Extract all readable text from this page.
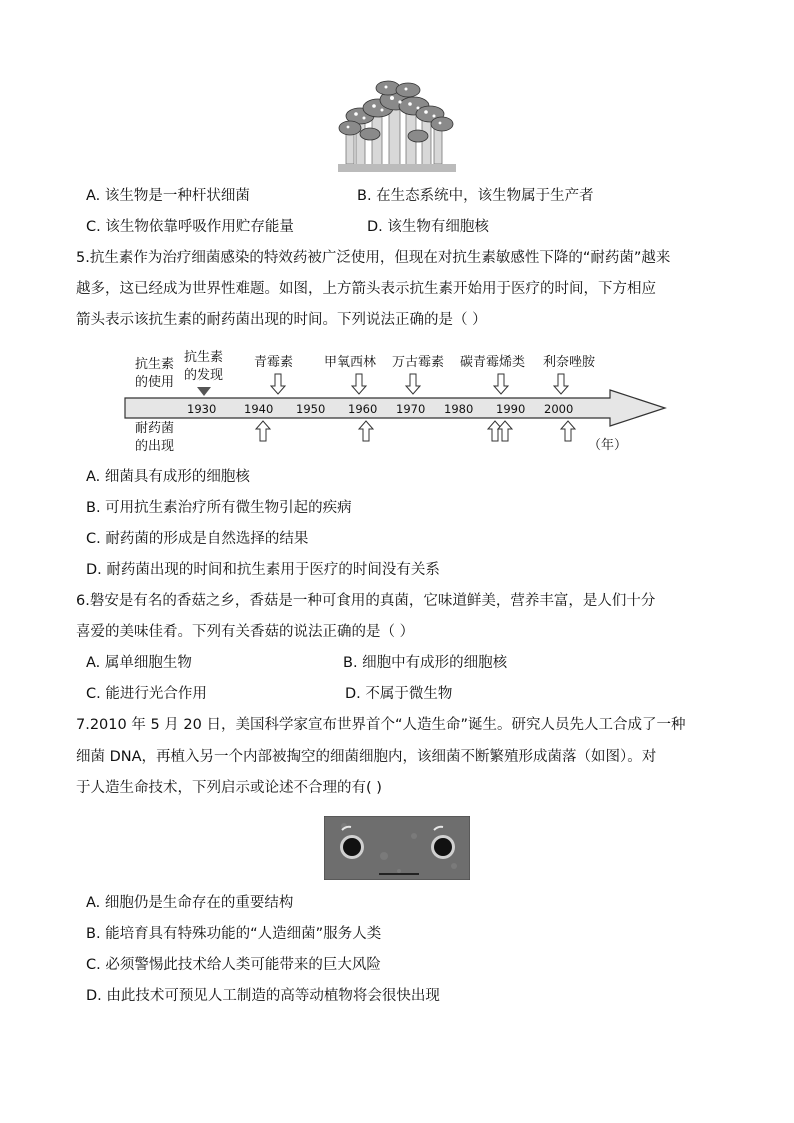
A. 该生物是一种杆状细菌	B. 在生态系统中，该生物属于生产者
C. 该生物依靠呼吸作用贮存能量	D. 该生物有细胞核
5.抗生素作为治疗细菌感染的特效药被广泛使用，但现在对抗生素敏感性下降的“耐药菌”越来
越多，这已经成为世界性难题。如图，上方箭头表示抗生素开始用于医疗的时间，下方相应
箭头表示该抗生素的耐药菌出现的时间。下列说法正确的是（ ）
抗生素
的使用
耐药菌
的出现
抗生素
的发现
青霉素 甲氧西林 万古霉素 碳青霉烯类 利奈唑胺
1930 1940 1950 1960 1970 1980 1990 2000
（年）
A. 细菌具有成形的细胞核
B. 可用抗生素治疗所有微生物引起的疾病
C. 耐药菌的形成是自然选择的结果
D. 耐药菌出现的时间和抗生素用于医疗的时间没有关系
6.磐安是有名的香菇之乡，香菇是一种可食用的真菌，它味道鲜美，营养丰富，是人们十分
喜爱的美味佳肴。下列有关香菇的说法正确的是（ ）
A. 属单细胞生物	B. 细胞中有成形的细胞核
C. 能进行光合作用	D. 不属于微生物
7.2010 年 5 月 20 日，美国科学家宣布世界首个“人造生命”诞生。研究人员先人工合成了一种
细菌 DNA，再植入另一个内部被掏空的细菌细胞内，该细菌不断繁殖形成菌落（如图）。对
于人造生命技术，下列启示或论述不合理的有( )
A. 细胞仍是生命存在的重要结构
B. 能培育具有特殊功能的“人造细菌”服务人类
C. 必须警惕此技术给人类可能带来的巨大风险
D. 由此技术可预见人工制造的高等动植物将会很快出现
